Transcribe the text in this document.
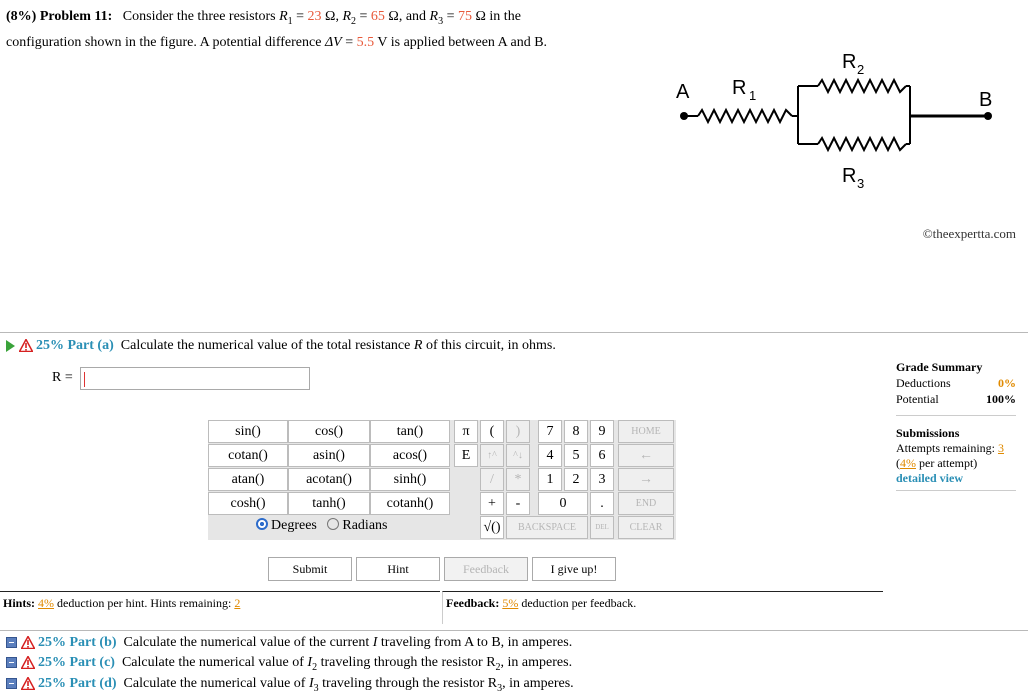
(8%) Problem 11: Consider the three resistors $R_1 = 23$ Ω, $R_2 = 65$ Ω, and $R_3 = 75$ Ω in the
configuration shown in the figure. A potential difference ΔV = 5.5 V is applied between A and B.
A R 1
R 2
R 3
B
©theexpertta.com
25% Part (a) Calculate the numerical value of the total resistance R of this circuit, in ohms.
R =
Grade Summary
Deductions	0%
Potential	100%
Submissions
Attempts remaining: 3
(4% per attempt)
detailed view
sin()	cos()	tan()
cotan()	asin()	acos()
atan()	acotan()	sinh()
cosh()	tanh()	cotanh()
Degrees Radians
π	(	)
E	↑^	^↓
/	*
+	-
√()
7	8	9
4	5	6
1	2	3
0	.
BACKSPACE	DEL
HOME
←
→
END
CLEAR
Submit	Hint	Feedback	I give up!
Hints: 4% deduction per hint. Hints remaining: 2	Feedback: 5% deduction per feedback.
25% Part (b) Calculate the numerical value of the current I traveling from A to B, in amperes.
25% Part (c) Calculate the numerical value of $I_2$ traveling through the resistor $R_2$, in amperes.
25% Part (d) Calculate the numerical value of $I_3$ traveling through the resistor $R_3$, in amperes.
